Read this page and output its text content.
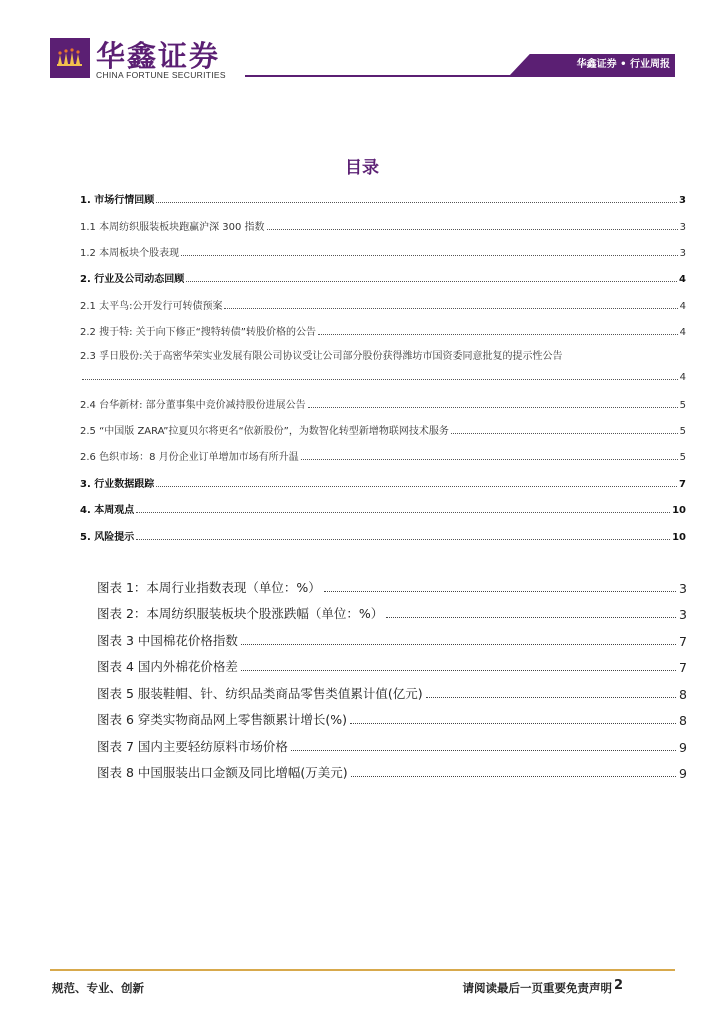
华鑫证券
CHINA FORTUNE SECURITIES
华鑫证券 • 行业周报
目录
1. 市场行情回顾	3
1.1 本周纺织服装板块跑赢沪深 300 指数	3
1.2 本周板块个股表现	3
2. 行业及公司动态回顾	4
2.1 太平鸟:公开发行可转债预案	4
2.2 搜于特: 关于向下修正“搜特转债”转股价格的公告	4
2.3 孚日股份:关于高密华荣实业发展有限公司协议受让公司部分股份获得潍坊市国资委同意批复的提示性公告
4
2.4 台华新材: 部分董事集中竞价减持股份进展公告	5
2.5 “中国版 ZARA”拉夏贝尔将更名“依新股份”，为数智化转型新增物联网技术服务	5
2.6 色织市场：8 月份企业订单增加市场有所升温	5
3. 行业数据跟踪	7
4. 本周观点	10
5. 风险提示	10
图表 1：本周行业指数表现（单位：%）	3
图表 2：本周纺织服装板块个股涨跌幅（单位：%）	3
图表 3 中国棉花价格指数	7
图表 4 国内外棉花价格差	7
图表 5 服装鞋帽、针、纺织品类商品零售类值累计值(亿元)	8
图表 6 穿类实物商品网上零售额累计增长(%)	8
图表 7 国内主要轻纺原料市场价格	9
图表 8 中国服装出口金额及同比增幅(万美元)	9
规范、专业、创新	请阅读最后一页重要免责声明 2
